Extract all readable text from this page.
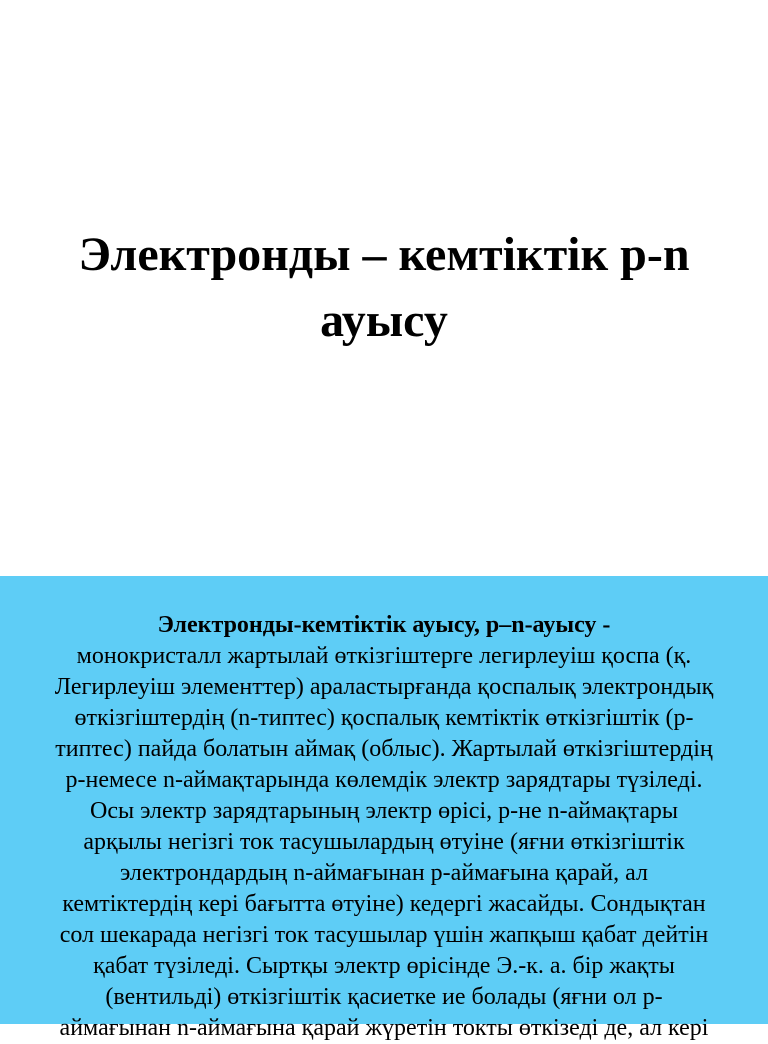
Электронды – кемтіктік p-n
ауысу
Электронды-кемтіктік ауысу, p–n-ауысу -
монокристалл жартылай өткізгіштерге легирлеуіш қоспа (қ.
Легирлеуіш элементтер) араластырғанда қоспалық электрондық
өткізгіштердің (n-типтес) қоспалық кемтіктік өткізгіштік (p-
типтес) пайда болатын аймақ (облыс). Жартылай өткізгіштердің
p-немесе n-аймақтарында көлемдік электр зарядтары түзіледі.
Осы электр зарядтарының электр өрісі, p-не n-аймақтары
арқылы негізгі ток тасушылардың өтуіне (яғни өткізгіштік
электрондардың n-аймағынан p-аймағына қарай, ал
кемтіктердің кері бағытта өтуіне) кедергі жасайды. Сондықтан
сол шекарада негізгі ток тасушылар үшін жапқыш қабат дейтін
қабат түзіледі. Сыртқы электр өрісінде Э.-к. а. бір жақты
(вентильді) өткізгіштік қасиетке ие болады (яғни ол p-
аймағынан n-аймағына қарай жүретін токты өткізеді де, ал кері
